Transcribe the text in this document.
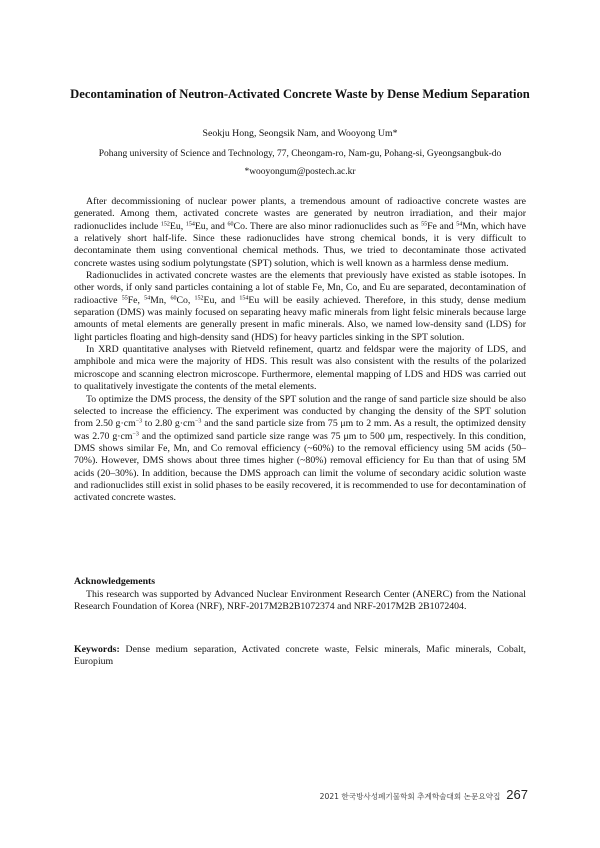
Decontamination of Neutron-Activated Concrete Waste by Dense Medium Separation
Seokju Hong, Seongsik Nam, and Wooyong Um*
Pohang university of Science and Technology, 77, Cheongam-ro, Nam-gu, Pohang-si, Gyeongsangbuk-do
*wooyongum@postech.ac.kr

After decommissioning of nuclear power plants, a tremendous amount of radioactive concrete wastes are generated. Among them, activated concrete wastes are generated by neutron irradiation, and their major radionuclides include $^{152}$Eu, $^{154}$Eu, and $^{60}$Co. There are also minor radionuclides such as $^{55}$Fe and $^{54}$Mn, which have a relatively short half-life. Since these radionuclides have strong chemical bonds, it is very difficult to decontaminate them using conventional chemical methods. Thus, we tried to decontaminate those activated concrete wastes using sodium polytungstate (SPT) solution, which is well known as a harmless dense medium.

Radionuclides in activated concrete wastes are the elements that previously have existed as stable isotopes. In other words, if only sand particles containing a lot of stable Fe, Mn, Co, and Eu are separated, decontamination of radioactive $^{55}$Fe, $^{54}$Mn, $^{60}$Co, $^{152}$Eu, and $^{154}$Eu will be easily achieved. Therefore, in this study, dense medium separation (DMS) was mainly focused on separating heavy mafic minerals from light felsic minerals because large amounts of metal elements are generally present in mafic minerals. Also, we named low-density sand (LDS) for light particles floating and high-density sand (HDS) for heavy particles sinking in the SPT solution.

In XRD quantitative analyses with Rietveld refinement, quartz and feldspar were the majority of LDS, and amphibole and mica were the majority of HDS. This result was also consistent with the results of the polarized microscope and scanning electron microscope. Furthermore, elemental mapping of LDS and HDS was carried out to qualitatively investigate the contents of the metal elements.

To optimize the DMS process, the density of the SPT solution and the range of sand particle size should be also selected to increase the efficiency. The experiment was conducted by changing the density of the SPT solution from 2.50 $g\cdot cm^{-3}$ to 2.80 $g\cdot cm^{-3}$ and the sand particle size from 75 μm to 2 mm. As a result, the optimized density was 2.70 $g\cdot cm^{-3}$ and the optimized sand particle size range was 75 μm to 500 μm, respectively. In this condition, DMS shows similar Fe, Mn, and Co removal efficiency (~60%) to the removal efficiency using 5M acids (50–70%). However, DMS shows about three times higher (~80%) removal efficiency for Eu than that of using 5M acids (20–30%). In addition, because the DMS approach can limit the volume of secondary acidic solution waste and radionuclides still exist in solid phases to be easily recovered, it is recommended to use for decontamination of activated concrete wastes.

Acknowledgements
This research was supported by Advanced Nuclear Environment Research Center (ANERC) from the National Research Foundation of Korea (NRF), NRF-2017M2B2B1072374 and NRF-2017M2B 2B1072404.
Keywords: Dense medium separation, Activated concrete waste, Felsic minerals, Mafic minerals, Cobalt, Europium
2021 한국방사성폐기물학회 추계학술대회 논문요약집 267
